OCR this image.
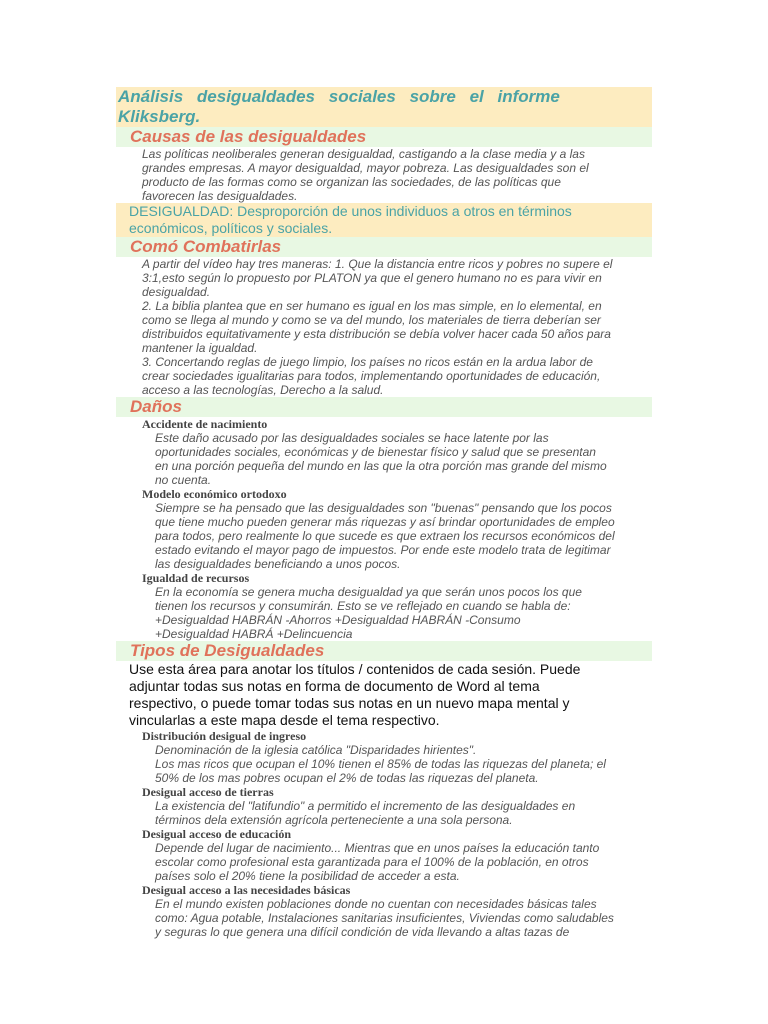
Análisis desigualdades sociales sobre el informe Kliksberg.
Causas de las desigualdades
Las políticas neoliberales generan desigualdad, castigando a la clase media y a las
grandes empresas. A mayor desigualdad, mayor pobreza. Las desigualdades son el
producto de las formas como se organizan las sociedades, de las políticas que
favorecen las desigualdades.
DESIGUALDAD: Desproporción de unos individuos a otros en términos
económicos, políticos y sociales.
Comó Combatirlas
A partir del vídeo hay tres maneras: 1. Que la distancia entre ricos y pobres no supere el
3:1,esto según lo propuesto por PLATON ya que el genero humano no es para vivir en
desigualdad.
2. La biblia plantea que en ser humano es igual en los mas simple, en lo elemental, en
como se llega al mundo y como se va del mundo, los materiales de tierra deberían ser
distribuidos equitativamente y esta distribución se debía volver hacer cada 50 años para
mantener la igualdad.
3. Concertando reglas de juego limpio, los países no ricos están en la ardua labor de
crear sociedades igualitarias para todos, implementando oportunidades de educación,
acceso a las tecnologías, Derecho a la salud.
Daños
Accidente de nacimiento
Este daño acusado por las desigualdades sociales se hace latente por las
oportunidades sociales, económicas y de bienestar físico y salud que se presentan
en una porción pequeña del mundo en las que la otra porción mas grande del mismo
no cuenta.
Modelo económico ortodoxo
Siempre se ha pensado que las desigualdades son "buenas" pensando que los pocos
que tiene mucho pueden generar más riquezas y así brindar oportunidades de empleo
para todos, pero realmente lo que sucede es que extraen los recursos económicos del
estado evitando el mayor pago de impuestos. Por ende este modelo trata de legitimar
las desigualdades beneficiando a unos pocos.
Igualdad de recursos
En la economía se genera mucha desigualdad ya que serán unos pocos los que
tienen los recursos y consumirán. Esto se ve reflejado en cuando se habla de:
+Desigualdad HABRÁN -Ahorros +Desigualdad HABRÁN -Consumo
+Desigualdad HABRÁ +Delincuencia
Tipos de Desigualdades
Use esta área para anotar los títulos / contenidos de cada sesión. Puede
adjuntar todas sus notas en forma de documento de Word al tema
respectivo, o puede tomar todas sus notas en un nuevo mapa mental y
vincularlas a este mapa desde el tema respectivo.
Distribución desigual de ingreso
Denominación de la iglesia católica "Disparidades hirientes".
Los mas ricos que ocupan el 10% tienen el 85% de todas las riquezas del planeta; el
50% de los mas pobres ocupan el 2% de todas las riquezas del planeta.
Desigual acceso de tierras
La existencia del "latifundio" a permitido el incremento de las desigualdades en
términos dela extensión agrícola perteneciente a una sola persona.
Desigual acceso de educación
Depende del lugar de nacimiento... Mientras que en unos países la educación tanto
escolar como profesional esta garantizada para el 100% de la población, en otros
países solo el 20% tiene la posibilidad de acceder a esta.
Desigual acceso a las necesidades básicas
En el mundo existen poblaciones donde no cuentan con necesidades básicas tales
como: Agua potable, Instalaciones sanitarias insuficientes, Viviendas como saludables
y seguras lo que genera una difícil condición de vida llevando a altas tazas de
